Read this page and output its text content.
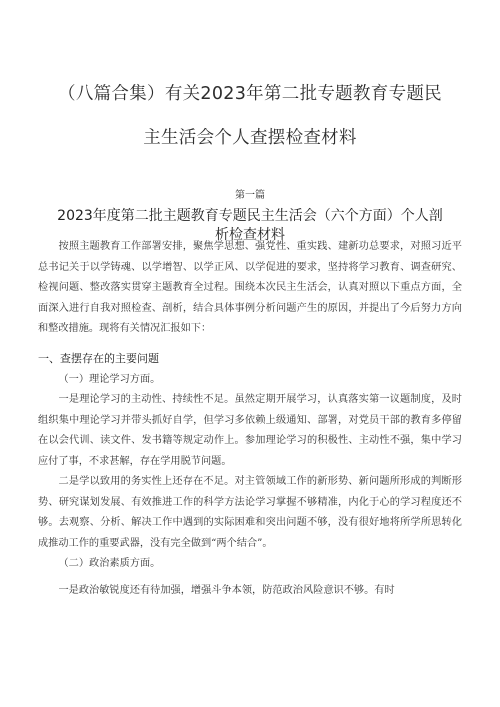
（八篇合集）有关2023年第二批专题教育专题民
主生活会个人查摆检查材料
第一篇
2023年度第二批主题教育专题民主生活会（六个方面）个人剖
析检查材料

按照主题教育工作部署安排，聚焦学思想、强党性、重实践、建新功总要求，对照习近平总书记关于以学铸魂、以学增智、以学正风、以学促进的要求，坚持将学习教育、调查研究、检视问题、整改落实贯穿主题教育全过程。围绕本次民主生活会，认真对照以下重点方面，全面深入进行自我对照检查、剖析，结合具体事例分析问题产生的原因，并提出了今后努力方向和整改措施。现将有关情况汇报如下：

一、查摆存在的主要问题

（一）理论学习方面。

一是理论学习的主动性、持续性不足。虽然定期开展学习，认真落实第一议题制度，及时组织集中理论学习并带头抓好自学，但学习多依赖上级通知、部署，对党员干部的教育多停留在以会代训、读文件、发书籍等规定动作上。参加理论学习的积极性、主动性不强，集中学习应付了事，不求甚解，存在学用脱节问题。

二是学以致用的务实性上还存在不足。对主管领域工作的新形势、新问题所形成的判断形势、研究谋划发展、有效推进工作的科学方法论学习掌握不够精准，内化于心的学习程度还不够。去观察、分析、解决工作中遇到的实际困难和突出问题不够，没有很好地将所学所思转化成推动工作的重要武器，没有完全做到“两个结合”。

（二）政治素质方面。

一是政治敏锐度还有待加强，增强斗争本领，防范政治风险意识不够。有时
